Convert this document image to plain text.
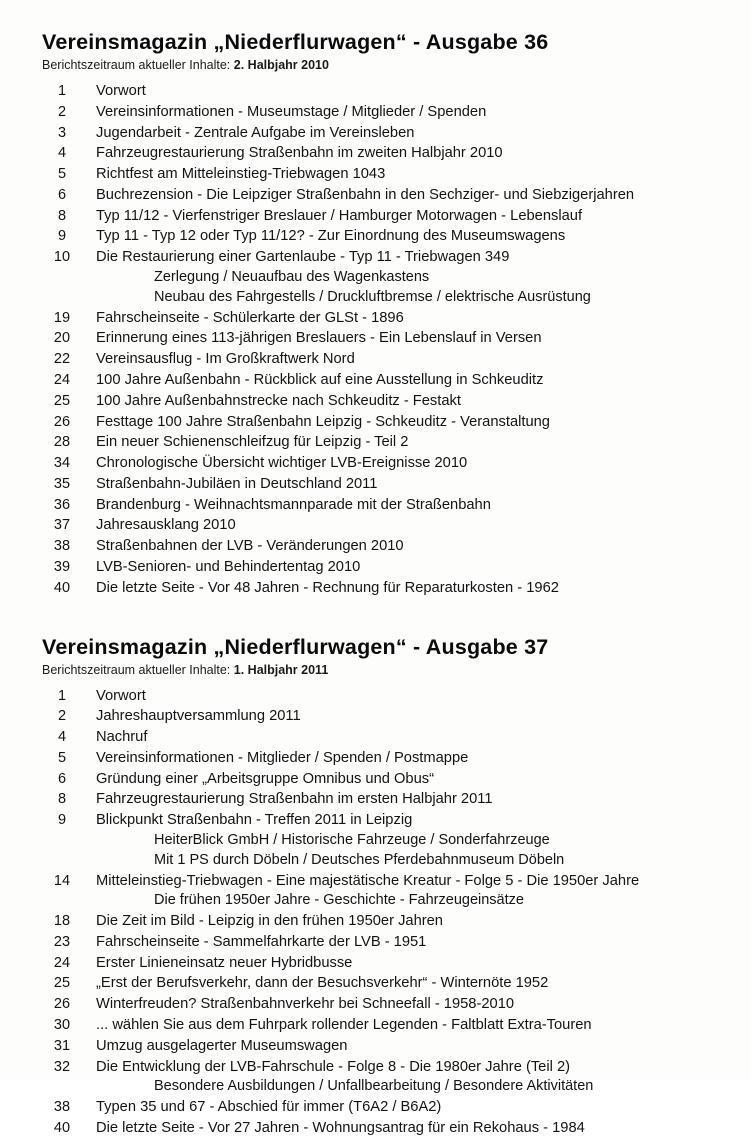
Vereinsmagazin „Niederflurwagen“ - Ausgabe 36
Berichtszeitraum aktueller Inhalte: 2. Halbjahr 2010
1	Vorwort
2	Vereinsinformationen - Museumstage / Mitglieder / Spenden
3	Jugendarbeit - Zentrale Aufgabe im Vereinsleben
4	Fahrzeugrestaurierung Straßenbahn im zweiten Halbjahr 2010
5	Richtfest am Mitteleinstieg-Triebwagen 1043
6	Buchrezension - Die Leipziger Straßenbahn in den Sechziger- und Siebzigerjahren
8	Typ 11/12 - Vierfenstriger Breslauer / Hamburger Motorwagen - Lebenslauf
9	Typ 11 - Typ 12 oder Typ 11/12? - Zur Einordnung des Museumswagens
10	Die Restaurierung einer Gartenlaube - Typ 11 - Triebwagen 349
Zerlegung / Neuaufbau des Wagenkastens
Neubau des Fahrgestells / Druckluftbremse / elektrische Ausrüstung
19	Fahrscheinseite - Schülerkarte der GLSt - 1896
20	Erinnerung eines 113-jährigen Breslauers - Ein Lebenslauf in Versen
22	Vereinsausflug - Im Großkraftwerk Nord
24	100 Jahre Außenbahn - Rückblick auf eine Ausstellung in Schkeuditz
25	100 Jahre Außenbahnstrecke nach Schkeuditz - Festakt
26	Festtage 100 Jahre Straßenbahn Leipzig - Schkeuditz - Veranstaltung
28	Ein neuer Schienenschleifzug für Leipzig - Teil 2
34	Chronologische Übersicht wichtiger LVB-Ereignisse 2010
35	Straßenbahn-Jubiläen in Deutschland 2011
36	Brandenburg - Weihnachtsmannparade mit der Straßenbahn
37	Jahresausklang 2010
38	Straßenbahnen der LVB - Veränderungen 2010
39	LVB-Senioren- und Behindertentag 2010
40	Die letzte Seite - Vor 48 Jahren - Rechnung für Reparaturkosten - 1962
Vereinsmagazin „Niederflurwagen“ - Ausgabe 37
Berichtszeitraum aktueller Inhalte: 1. Halbjahr 2011
1	Vorwort
2	Jahreshauptversammlung 2011
4	Nachruf
5	Vereinsinformationen - Mitglieder / Spenden / Postmappe
6	Gründung einer „Arbeitsgruppe Omnibus und Obus“
8	Fahrzeugrestaurierung Straßenbahn im ersten Halbjahr 2011
9	Blickpunkt Straßenbahn - Treffen 2011 in Leipzig
HeiterBlick GmbH / Historische Fahrzeuge / Sonderfahrzeuge
Mit 1 PS durch Döbeln / Deutsches Pferdebahnmuseum Döbeln
14	Mitteleinstieg-Triebwagen - Eine majestätische Kreatur - Folge 5 - Die 1950er Jahre
Die frühen 1950er Jahre - Geschichte - Fahrzeugeinsätze
18	Die Zeit im Bild - Leipzig in den frühen 1950er Jahren
23	Fahrscheinseite - Sammelfahrkarte der LVB - 1951
24	Erster Linieneinsatz neuer Hybridbusse
25	„Erst der Berufsverkehr, dann der Besuchsverkehr“ - Winternöte 1952
26	Winterfreuden? Straßenbahnverkehr bei Schneefall - 1958-2010
30	... wählen Sie aus dem Fuhrpark rollender Legenden - Faltblatt Extra-Touren
31	Umzug ausgelagerter Museumswagen
32	Die Entwicklung der LVB-Fahrschule - Folge 8 - Die 1980er Jahre (Teil 2)
Besondere Ausbildungen / Unfallbearbeitung / Besondere Aktivitäten
38	Typen 35 und 67 - Abschied für immer (T6A2 / B6A2)
40	Die letzte Seite - Vor 27 Jahren - Wohnungsantrag für ein Rekohaus - 1984
